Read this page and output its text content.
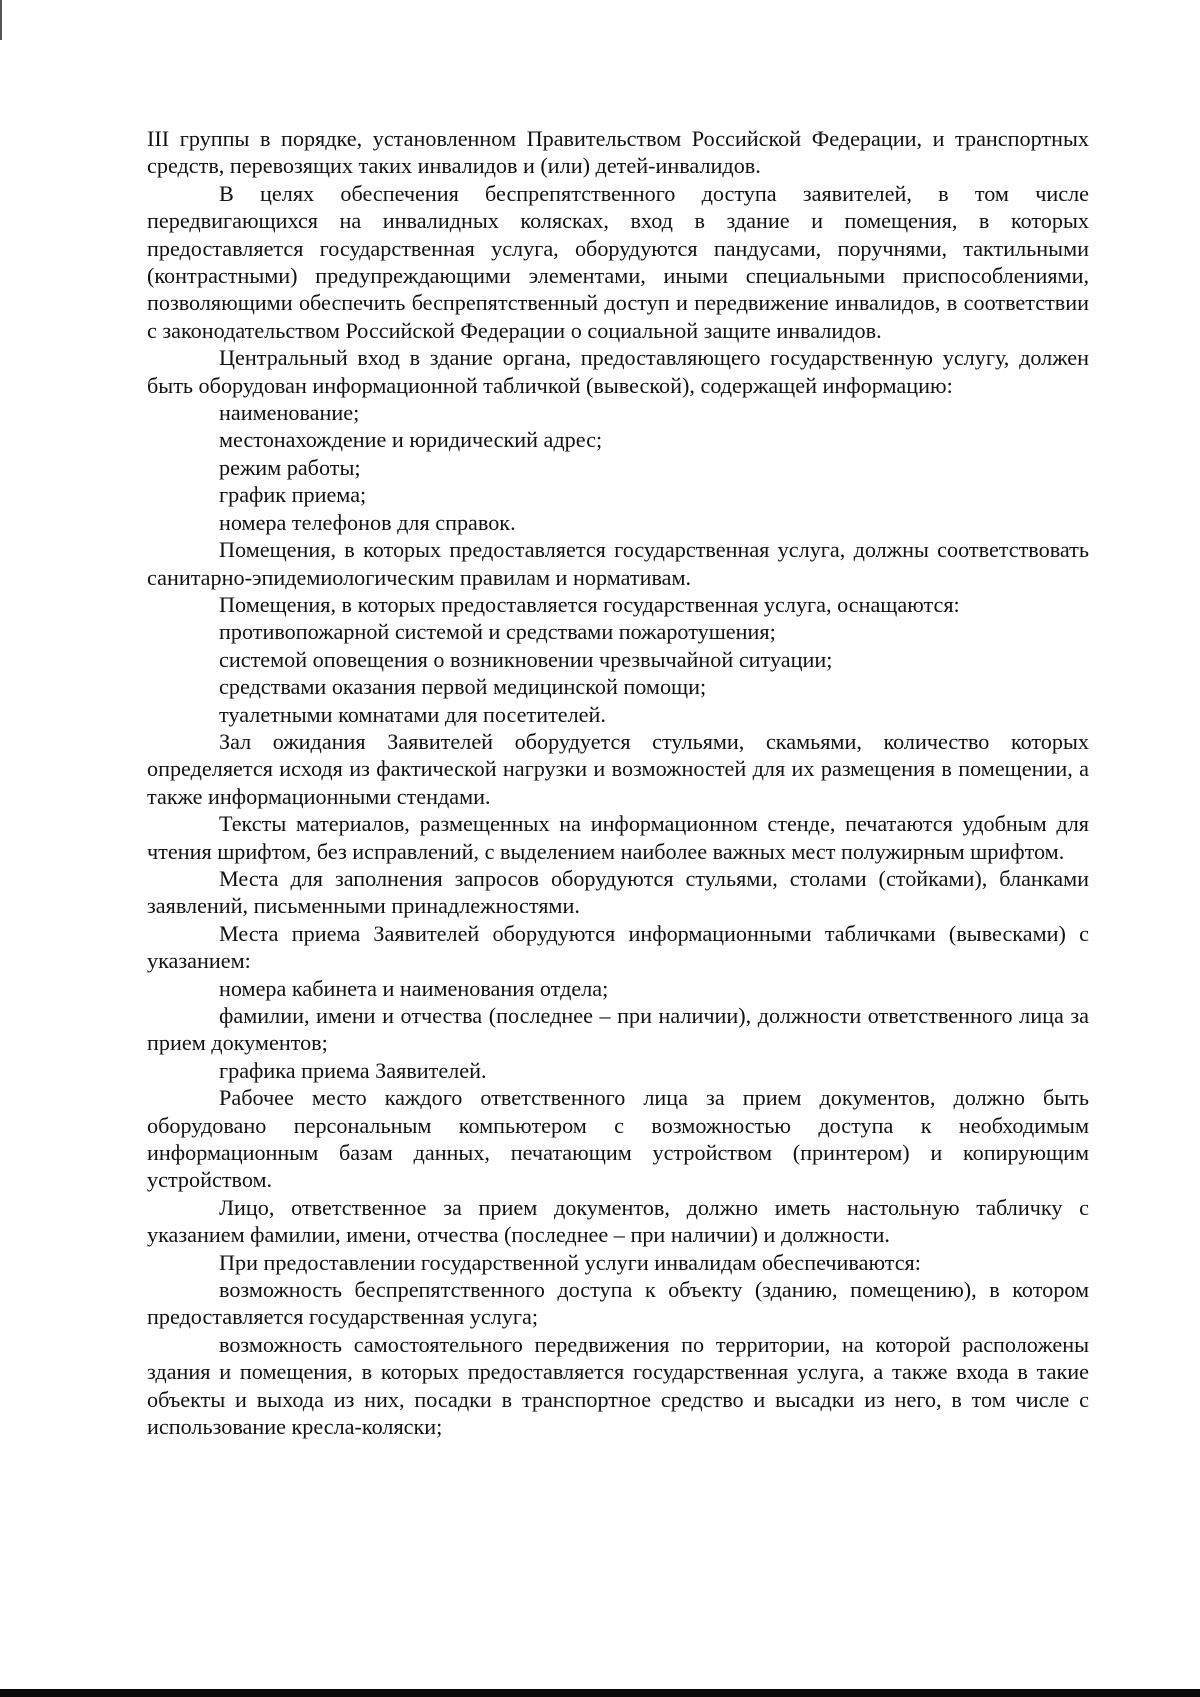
III группы в порядке, установленном Правительством Российской Федерации, и транспортных средств, перевозящих таких инвалидов и (или) детей-инвалидов.

В целях обеспечения беспрепятственного доступа заявителей, в том числе передвигающихся на инвалидных колясках, вход в здание и помещения, в которых предоставляется государственная услуга, оборудуются пандусами, поручнями, тактильными (контрастными) предупреждающими элементами, иными специальными приспособлениями, позволяющими обеспечить беспрепятственный доступ и передвижение инвалидов, в соответствии с законодательством Российской Федерации о социальной защите инвалидов.

Центральный вход в здание органа, предоставляющего государственную услугу, должен быть оборудован информационной табличкой (вывеской), содержащей информацию:

наименование;

местонахождение и юридический адрес;

режим работы;

график приема;

номера телефонов для справок.

Помещения, в которых предоставляется государственная услуга, должны соответствовать санитарно-эпидемиологическим правилам и нормативам.

Помещения, в которых предоставляется государственная услуга, оснащаются:

противопожарной системой и средствами пожаротушения;

системой оповещения о возникновении чрезвычайной ситуации;

средствами оказания первой медицинской помощи;

туалетными комнатами для посетителей.

Зал ожидания Заявителей оборудуется стульями, скамьями, количество которых определяется исходя из фактической нагрузки и возможностей для их размещения в помещении, а также информационными стендами.

Тексты материалов, размещенных на информационном стенде, печатаются удобным для чтения шрифтом, без исправлений, с выделением наиболее важных мест полужирным шрифтом.

Места для заполнения запросов оборудуются стульями, столами (стойками), бланками заявлений, письменными принадлежностями.

Места приема Заявителей оборудуются информационными табличками (вывесками) с указанием:

номера кабинета и наименования отдела;

фамилии, имени и отчества (последнее – при наличии), должности ответственного лица за прием документов;

графика приема Заявителей.

Рабочее место каждого ответственного лица за прием документов, должно быть оборудовано персональным компьютером с возможностью доступа к необходимым информационным базам данных, печатающим устройством (принтером) и копирующим устройством.

Лицо, ответственное за прием документов, должно иметь настольную табличку с указанием фамилии, имени, отчества (последнее – при наличии) и должности.

При предоставлении государственной услуги инвалидам обеспечиваются:

возможность беспрепятственного доступа к объекту (зданию, помещению), в котором предоставляется государственная услуга;

возможность самостоятельного передвижения по территории, на которой расположены здания и помещения, в которых предоставляется государственная услуга, а также входа в такие объекты и выхода из них, посадки в транспортное средство и высадки из него, в том числе с использование кресла-коляски;
